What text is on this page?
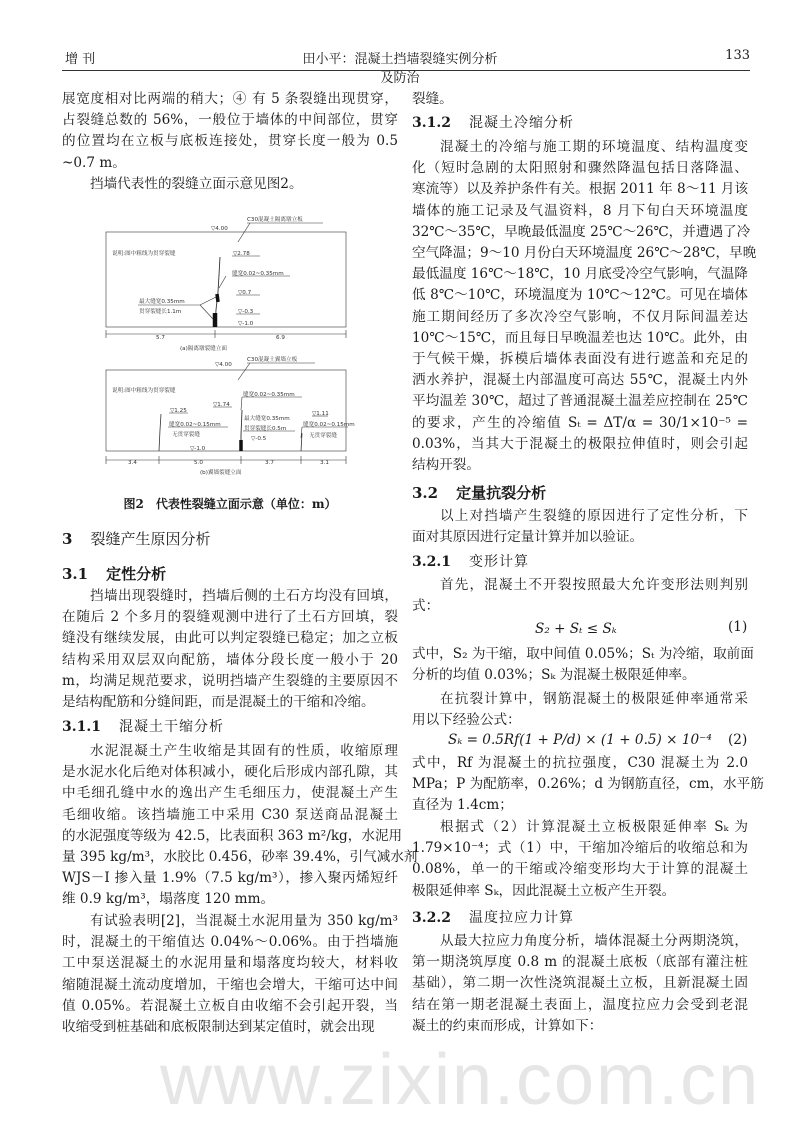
www.zixin.com.cn
增 刊	田小平：混凝土挡墙裂缝实例分析及防治
133
展宽度相对比两端的稍大；④ 有 5 条裂缝出现贯穿，
占裂缝总数的 56%，一般位于墙体的中间部位，贯穿
的位置均在立板与底板连接处，贯穿长度一般为 0.5
~0.7 m。
挡墙代表性的裂缝立面示意见图2。
▽4.00
C30混凝土隔离墩立板
说明:图中粗线为贯穿裂缝	▽2.78
缝宽0.02~0.35mm
▽0.7
最大缝宽0.35mm
贯穿裂缝长1.1m	▽-0.3
▽-1.0
5.7	6.9
(a)隔离墩裂缝立面
▽4.00
C30混凝土翼墙立板
说明:图中粗线为贯穿裂缝
▽1.25
缝宽0.02~0.15mm
无贯穿裂缝
▽1.74
缝宽0.02~0.35mm
最大缝宽0.35mm
贯穿裂缝长0.5m
▽-0.5
▽1.11
缝宽0.02~0.15mm
无贯穿裂缝
▽-1.0
3.4	5.0	3.7	3.1
(b)翼墙裂缝立面
图2　代表性裂缝立面示意（单位：m）
3 裂缝产生原因分析
3.1 定性分析
挡墙出现裂缝时，挡墙后侧的土石方均没有回填，
在随后 2 个多月的裂缝观测中进行了土石方回填，裂
缝没有继续发展，由此可以判定裂缝已稳定；加之立板
结构采用双层双向配筋，墙体分段长度一般小于 20
m，均满足规范要求，说明挡墙产生裂缝的主要原因不
是结构配筋和分缝间距，而是混凝土的干缩和冷缩。
3.1.1 混凝土干缩分析
水泥混凝土产生收缩是其固有的性质，收缩原理
是水泥水化后绝对体积减小，硬化后形成内部孔隙，其
中毛细孔缝中水的逸出产生毛细压力，使混凝土产生
毛细收缩。该挡墙施工中采用 C30 泵送商品混凝土
的水泥强度等级为 42.5，比表面积 363 m²/kg，水泥用
量 395 kg/m³，水胶比 0.456，砂率 39.4%，引气减水剂
WJS－I 掺入量 1.9%（7.5 kg/m³），掺入聚丙烯短纤
维 0.9 kg/m³，塌落度 120 mm。
有试验表明[2]，当混凝土水泥用量为 350 kg/m³
时，混凝土的干缩值达 0.04%～0.06%。由于挡墙施
工中泵送混凝土的水泥用量和塌落度均较大，材料收
缩随混凝土流动度增加，干缩也会增大，干缩可达中间
值 0.05%。若混凝土立板自由收缩不会引起开裂，当
收缩受到桩基础和底板限制达到某定值时，就会出现
裂缝。
3.1.2 混凝土冷缩分析
混凝土的冷缩与施工期的环境温度、结构温度变
化（短时急剧的太阳照射和骤然降温包括日落降温、
寒流等）以及养护条件有关。根据 2011 年 8～11 月该
墙体的施工记录及气温资料，8 月下旬白天环境温度
32℃～35℃，早晚最低温度 25℃～26℃，并遭遇了冷
空气降温；9～10 月份白天环境温度 26℃～28℃，早晚
最低温度 16℃～18℃，10 月底受冷空气影响，气温降
低 8℃～10℃，环境温度为 10℃～12℃。可见在墙体
施工期间经历了多次冷空气影响，不仅月际间温差达
10℃～15℃，而且每日早晚温差也达 10℃。此外，由
于气候干燥，拆模后墙体表面没有进行遮盖和充足的
洒水养护，混凝土内部温度可高达 55℃，混凝土内外
平均温差 30℃，超过了普通混凝土温差应控制在 25℃
的要求，产生的冷缩值 Sₜ = ΔT/α = 30/1×10⁻⁵ =
0.03%，当其大于混凝土的极限拉伸值时，则会引起
结构开裂。
3.2 定量抗裂分析
以上对挡墙产生裂缝的原因进行了定性分析，下
面对其原因进行定量计算并加以验证。
3.2.1 变形计算
首先，混凝土不开裂按照最大允许变形法则判别
式：
S₂ + Sₜ ≤ Sₖ	(1)
式中，S₂ 为干缩，取中间值 0.05%；Sₜ 为冷缩，取前面
分析的均值 0.03%；Sₖ 为混凝土极限延伸率。
在抗裂计算中，钢筋混凝土的极限延伸率通常采
用以下经验公式：
Sₖ = 0.5Rf(1 + P/d) × (1 + 0.5) × 10⁻⁴ (2)
式中，Rf 为混凝土的抗拉强度，C30 混凝土为 2.0
MPa；P 为配筋率，0.26%；d 为钢筋直径，cm，水平筋
直径为 1.4cm；
根据式（2）计算混凝土立板极限延伸率 Sₖ 为
1.79×10⁻⁴；式（1）中，干缩加冷缩后的收缩总和为
0.08%，单一的干缩或冷缩变形均大于计算的混凝土
极限延伸率 Sₖ，因此混凝土立板产生开裂。
3.2.2 温度拉应力计算
从最大拉应力角度分析，墙体混凝土分两期浇筑，
第一期浇筑厚度 0.8 m 的混凝土底板（底部有灌注桩
基础），第二期一次性浇筑混凝土立板，且新混凝土固
结在第一期老混凝土表面上，温度拉应力会受到老混
凝土的约束而形成，计算如下：
